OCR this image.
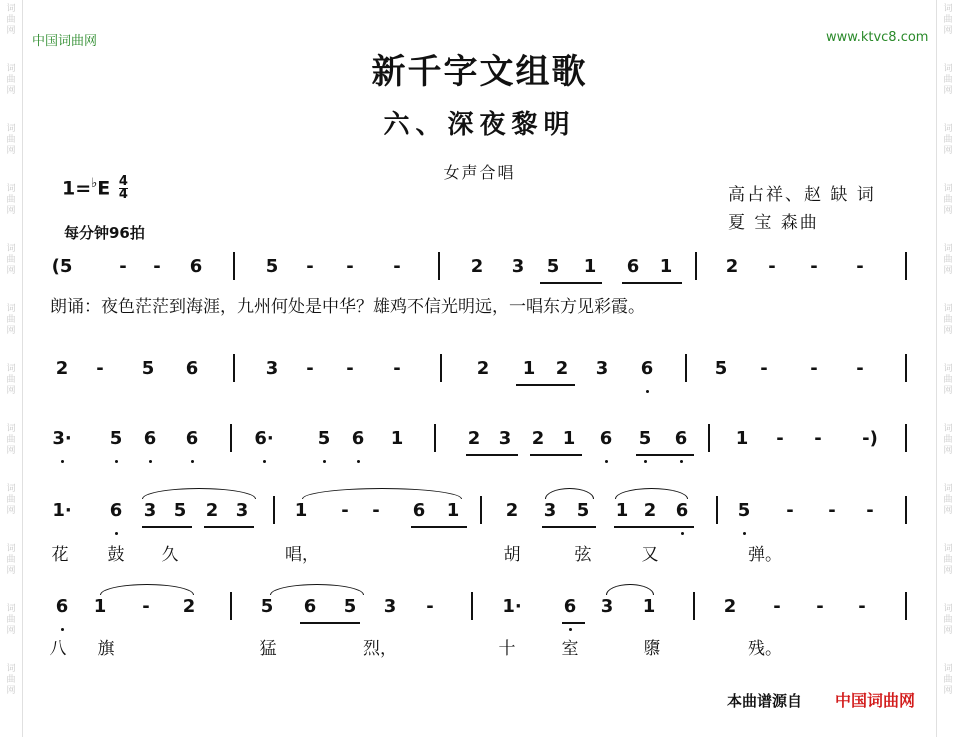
词
曲
网
词
曲
网
词
曲
网
词
曲
网
词
曲
网
词
曲
网
词
曲
网
词
曲
网
词
曲
网
词
曲
网
词
曲
网
词
曲
网
词
曲
网
词
曲
网
词
曲
网
词
曲
网
词
曲
网
词
曲
网
词
曲
网
词
曲
网
词
曲
网
词
曲
网
词
曲
网
词
曲
网
中国词曲网	www.ktvc8.com
新千字文组歌
六、深夜黎明
女声合唱
$1=^♭E \frac{4}{4}$
每分钟96拍
高占祥、赵 缺 词
夏 宝 森曲
(5	- - 6	5 - - -	2 3 5 1 6 1	2 - - -
朗诵：夜色茫茫到海涯，九州何处是中华？雄鸡不信光明远，一唱东方见彩霞。
2 - 5 6	3 - - -	2 1 2 3 6	5 - - -
3· 5 6 6	6· 5 6 1	2 3 2 1 6 5 6	1 - - -)
1· 6 3 5 2 3	1 - - 6 1	2 3 5 1 2 6	5 - - -
花 鼓 久	唱，	胡	弦	又	弹。
6 1 - 2	5 6 5 3 -	1· 6 3 1	2 - - -
八 旗	猛	烈，	十	室	隳	残。
本曲谱源自 中国词曲网
